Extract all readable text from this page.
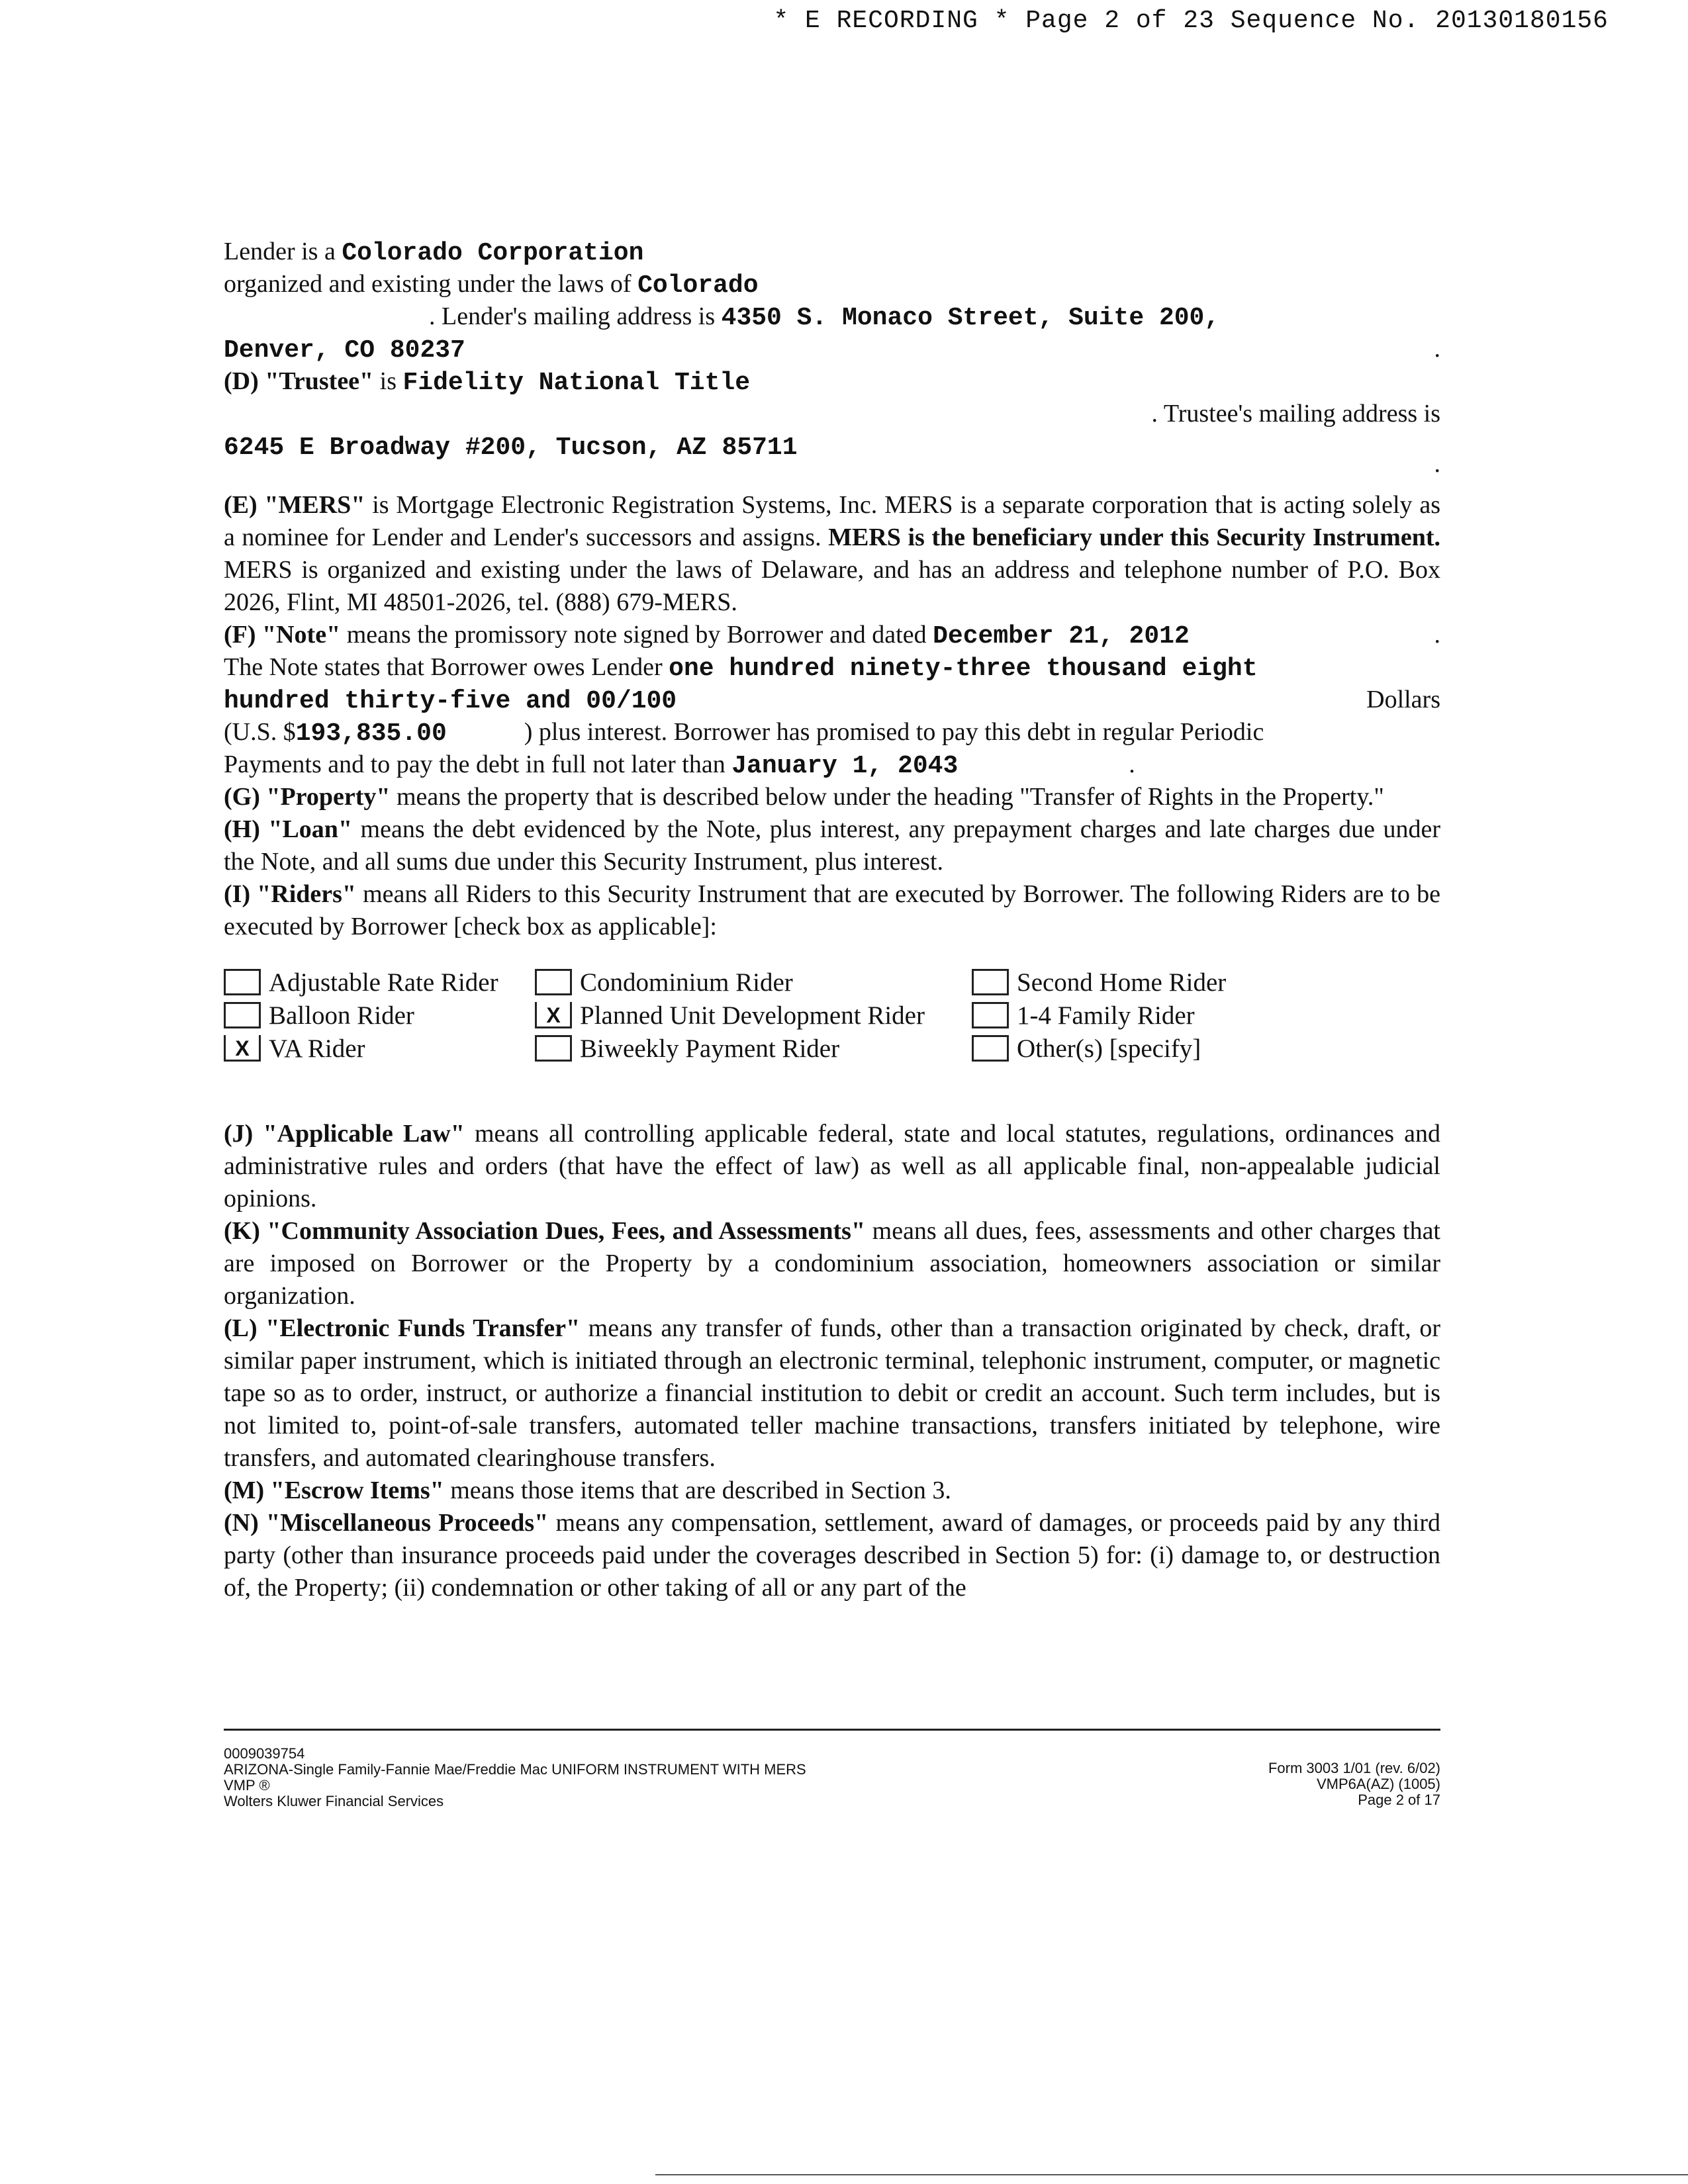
* E RECORDING * Page 2 of 23 Sequence No. 20130180156
Lender is a Colorado Corporation
organized and existing under the laws of Colorado
. Lender's mailing address is 4350 S. Monaco Street, Suite 200,
Denver, CO 80237	.
(D) "Trustee" is Fidelity National Title
. Trustee's mailing address is
6245 E Broadway #200, Tucson, AZ 85711
.
(E) "MERS" is Mortgage Electronic Registration Systems, Inc. MERS is a separate corporation that is acting solely as a nominee for Lender and Lender's successors and assigns. MERS is the beneficiary under this Security Instrument. MERS is organized and existing under the laws of Delaware, and has an address and telephone number of P.O. Box 2026, Flint, MI 48501-2026, tel. (888) 679-MERS.
(F) "Note" means the promissory note signed by Borrower and dated December 21, 2012	.
The Note states that Borrower owes Lender one hundred ninety-three thousand eight
hundred thirty-five and 00/100	Dollars
(U.S. $193,835.00	) plus interest. Borrower has promised to pay this debt in regular Periodic
Payments and to pay the debt in full not later than January 1, 2043	.
(G) "Property" means the property that is described below under the heading "Transfer of Rights in the Property."
(H) "Loan" means the debt evidenced by the Note, plus interest, any prepayment charges and late charges due under the Note, and all sums due under this Security Instrument, plus interest.
(I) "Riders" means all Riders to this Security Instrument that are executed by Borrower. The following Riders are to be executed by Borrower [check box as applicable]:
Adjustable Rate Rider	Condominium Rider	Second Home Rider
Balloon Rider	X Planned Unit Development Rider	1-4 Family Rider
X VA Rider	Biweekly Payment Rider	Other(s) [specify]
(J) "Applicable Law" means all controlling applicable federal, state and local statutes, regulations, ordinances and administrative rules and orders (that have the effect of law) as well as all applicable final, non-appealable judicial opinions.
(K) "Community Association Dues, Fees, and Assessments" means all dues, fees, assessments and other charges that are imposed on Borrower or the Property by a condominium association, homeowners association or similar organization.
(L) "Electronic Funds Transfer" means any transfer of funds, other than a transaction originated by check, draft, or similar paper instrument, which is initiated through an electronic terminal, telephonic instrument, computer, or magnetic tape so as to order, instruct, or authorize a financial institution to debit or credit an account. Such term includes, but is not limited to, point-of-sale transfers, automated teller machine transactions, transfers initiated by telephone, wire transfers, and automated clearinghouse transfers.
(M) "Escrow Items" means those items that are described in Section 3.
(N) "Miscellaneous Proceeds" means any compensation, settlement, award of damages, or proceeds paid by any third party (other than insurance proceeds paid under the coverages described in Section 5) for: (i) damage to, or destruction of, the Property; (ii) condemnation or other taking of all or any part of the
0009039754
ARIZONA-Single Family-Fannie Mae/Freddie Mac UNIFORM INSTRUMENT WITH MERS
VMP ®
Wolters Kluwer Financial Services
Form 3003 1/01 (rev. 6/02)
VMP6A(AZ) (1005)
Page 2 of 17
